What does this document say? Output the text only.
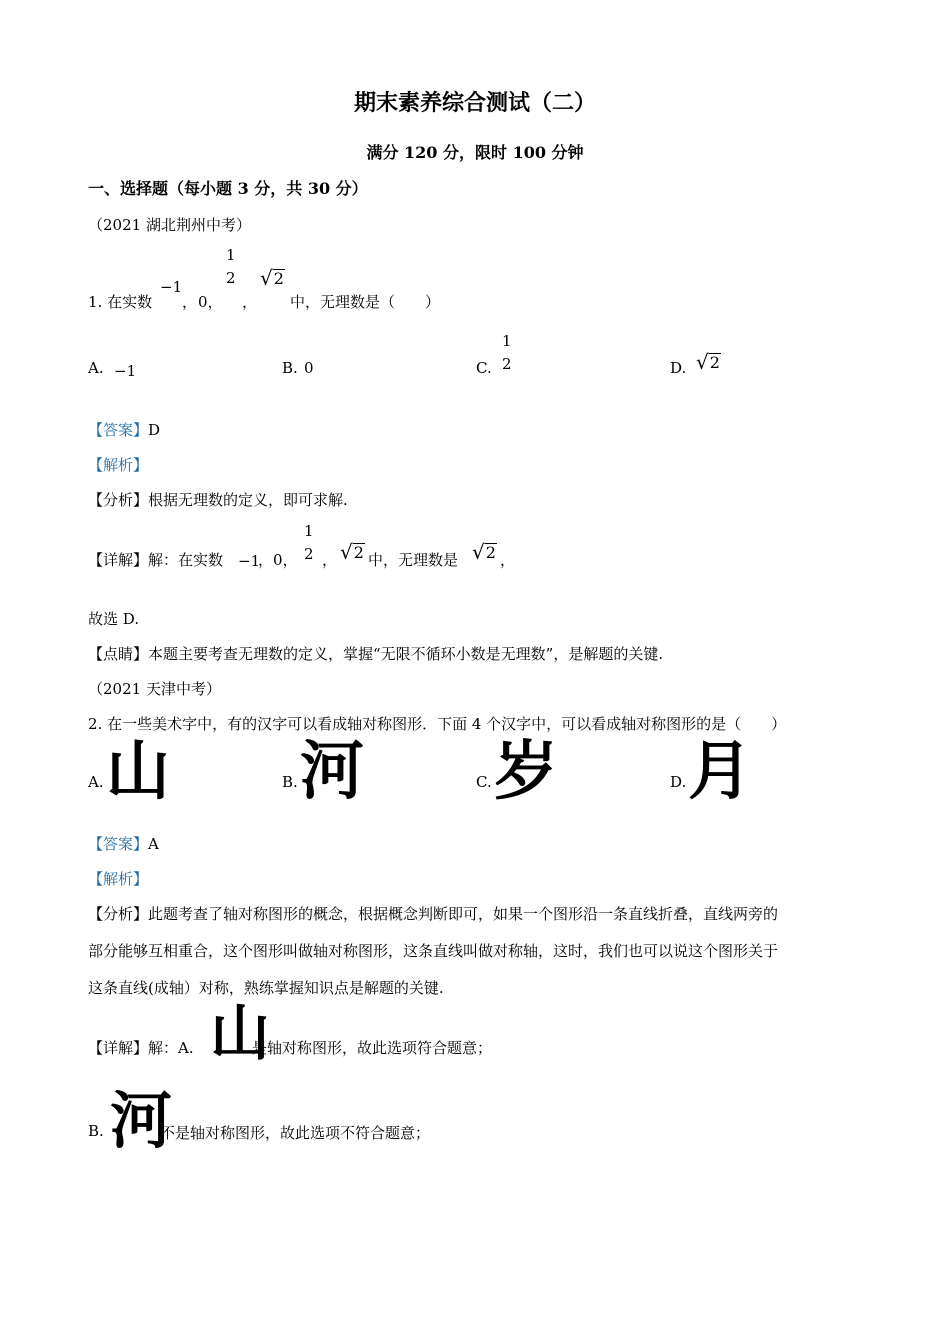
期末素养综合测试（二）
满分 120 分，限时 100 分钟
一、选择题（每小题 3 分，共 30 分）
（2021 湖北荆州中考）
1. 在实数
−1
， 0，
1
2
，
√ 2
中，无理数是（　　）
A. −1	B. 0	C.
1
2	D. √ 2
【答案】D
【解析】
【分析】根据无理数的定义，即可求解.
【详解】解：在实数 −1
，0，
1
2 ， √ 2 中，无理数是 √ 2 ，
故选 D.
【点睛】本题主要考查无理数的定义，掌握“无限不循环小数是无理数”，是解题的关键.
（2021 天津中考）
2. 在一些美术字中，有的汉字可以看成轴对称图形．下面 4 个汉字中，可以看成轴对称图形的是（　　）
A. 山	B. 河	C. 岁	D. 月
【答案】A
【解析】
【分析】此题考查了轴对称图形的概念，根据概念判断即可，如果一个图形沿一条直线折叠，直线两旁的
部分能够互相重合，这个图形叫做轴对称图形，这条直线叫做对称轴，这时，我们也可以说这个图形关于
这条直线(成轴）对称，熟练掌握知识点是解题的关键.
【详解】解：A. 山
是轴对称图形，故此选项符合题意；
B. 河
不是轴对称图形，故此选项不符合题意；
